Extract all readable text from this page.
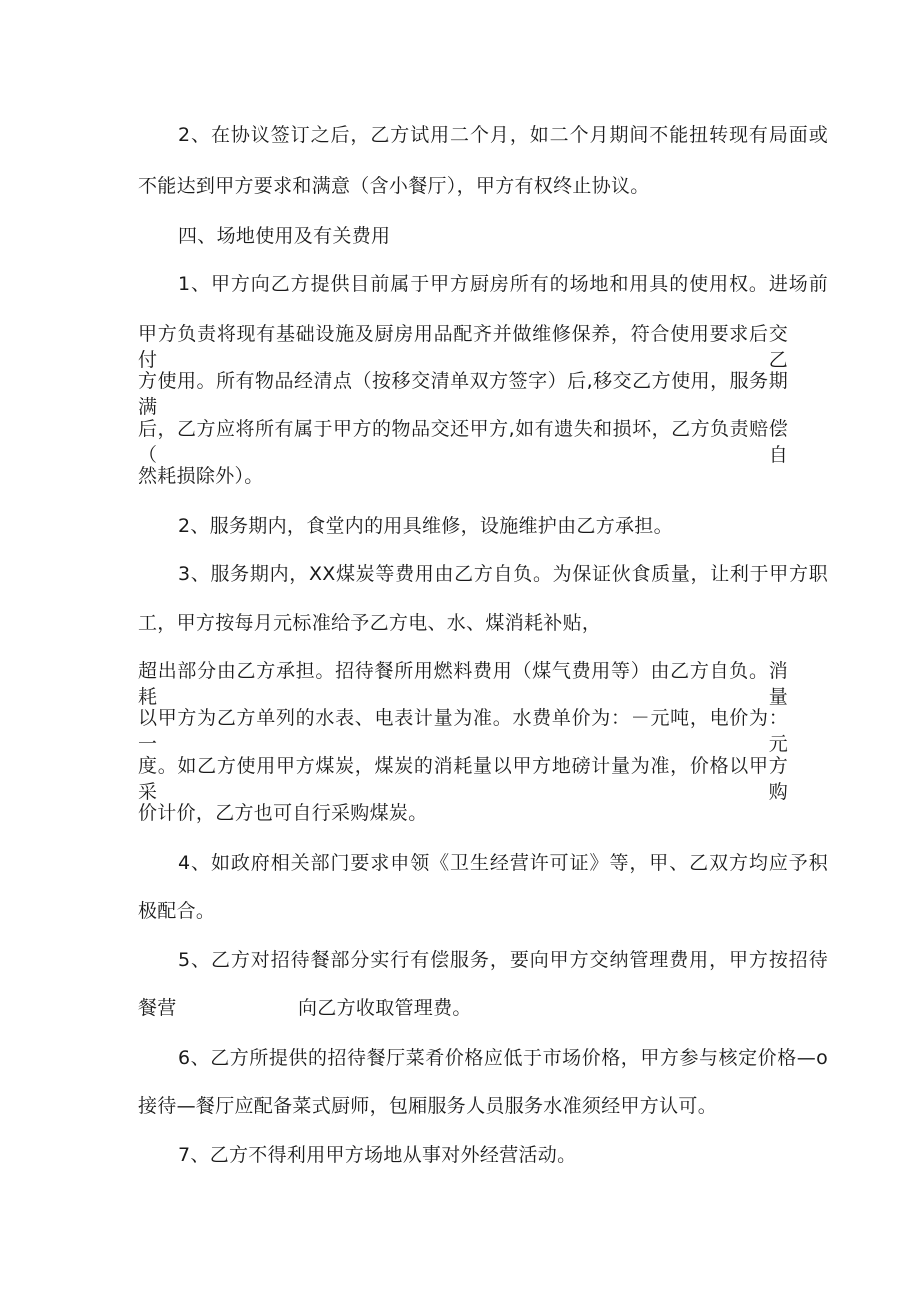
2、在协议签订之后，乙方试用二个月，如二个月期间不能扭转现有局面或
不能达到甲方要求和满意（含小餐厅），甲方有权终止协议。
四、场地使用及有关费用
1、甲方向乙方提供目前属于甲方厨房所有的场地和用具的使用权。进场前
甲方负责将现有基础设施及厨房用品配齐并做维修保养，符合使用要求后交付乙
方使用。所有物品经清点（按移交清单双方签字）后,移交乙方使用，服务期满
后，乙方应将所有属于甲方的物品交还甲方,如有遗失和损坏，乙方负责赔偿（自
然耗损除外）。
2、服务期内，食堂内的用具维修，设施维护由乙方承担。
3、服务期内，XX煤炭等费用由乙方自负。为保证伙食质量，让利于甲方职
工，甲方按每月元标准给予乙方电、水、煤消耗补贴，
超出部分由乙方承担。招待餐所用燃料费用（煤气费用等）由乙方自负。消耗量
以甲方为乙方单列的水表、电表计量为准。水费单价为：－元吨，电价为：一元
度。如乙方使用甲方煤炭，煤炭的消耗量以甲方地磅计量为准，价格以甲方采购
价计价，乙方也可自行采购煤炭。
4、如政府相关部门要求申领《卫生经营许可证》等，甲、乙双方均应予积
极配合。
5、乙方对招待餐部分实行有偿服务，要向甲方交纳管理费用，甲方按招待
餐营	向乙方收取管理费。
6、乙方所提供的招待餐厅菜肴价格应低于市场价格，甲方参与核定价格—o
接待—餐厅应配备菜式厨师，包厢服务人员服务水准须经甲方认可。
7、乙方不得利用甲方场地从事对外经营活动。
